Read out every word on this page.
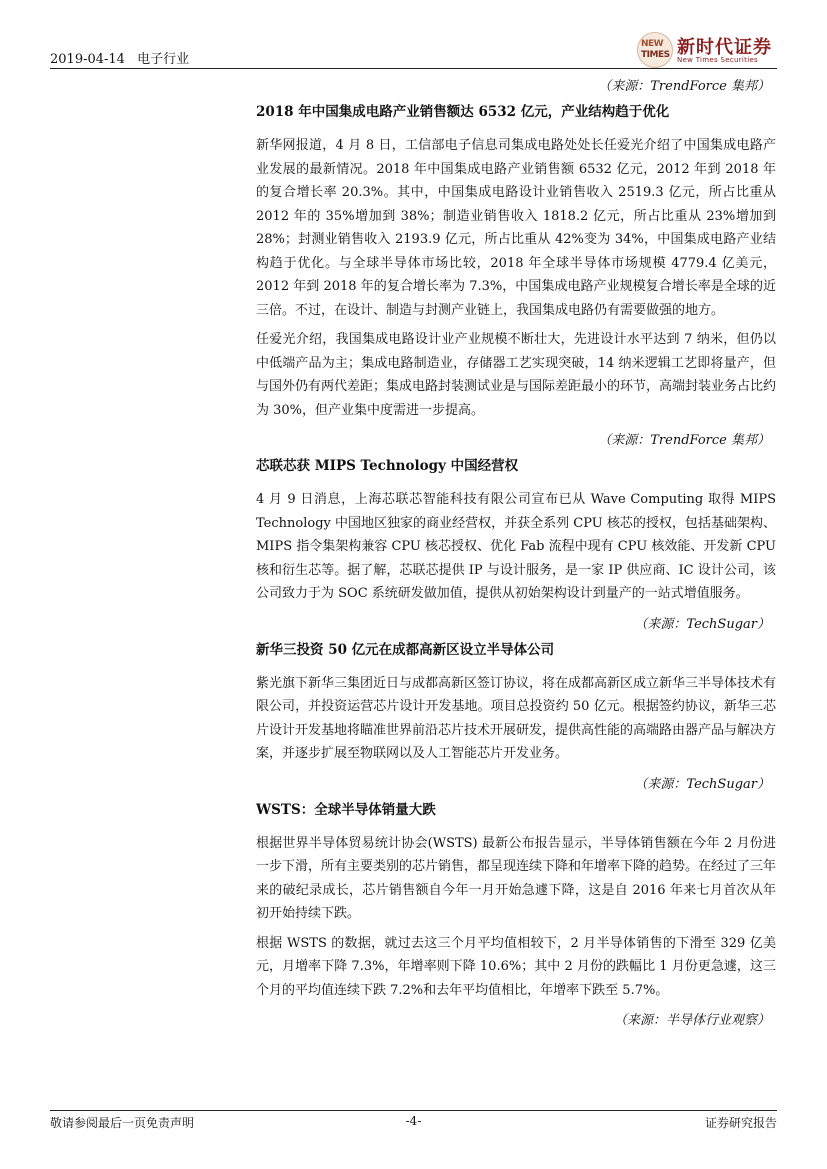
2019-04-14 电子行业
NEW
TIMES 新时代证券
New Times Securities
（来源：TrendForce 集邦）
2018 年中国集成电路产业销售额达 6532 亿元，产业结构趋于优化

新华网报道，4 月 8 日，工信部电子信息司集成电路处处长任爱光介绍了中国集成电路产业发展的最新情况。2018 年中国集成电路产业销售额 6532 亿元，2012 年到 2018 年的复合增长率 20.3%。其中，中国集成电路设计业销售收入 2519.3 亿元，所占比重从 2012 年的 35%增加到 38%；制造业销售收入 1818.2 亿元，所占比重从 23%增加到 28%；封测业销售收入 2193.9 亿元，所占比重从 42%变为 34%，中国集成电路产业结构趋于优化。与全球半导体市场比较，2018 年全球半导体市场规模 4779.4 亿美元，2012 年到 2018 年的复合增长率为 7.3%，中国集成电路产业规模复合增长率是全球的近三倍。不过，在设计、制造与封测产业链上，我国集成电路仍有需要做强的地方。

任爱光介绍，我国集成电路设计业产业规模不断壮大，先进设计水平达到 7 纳米，但仍以中低端产品为主；集成电路制造业，存储器工艺实现突破，14 纳米逻辑工艺即将量产，但与国外仍有两代差距；集成电路封装测试业是与国际差距最小的环节，高端封装业务占比约为 30%，但产业集中度需进一步提高。

（来源：TrendForce 集邦）
芯联芯获 MIPS Technology 中国经营权

4 月 9 日消息，上海芯联芯智能科技有限公司宣布已从 Wave Computing 取得 MIPS Technology 中国地区独家的商业经营权，并获全系列 CPU 核芯的授权，包括基础架构、MIPS 指令集架构兼容 CPU 核芯授权、优化 Fab 流程中现有 CPU 核效能、开发新 CPU 核和衍生芯等。据了解，芯联芯提供 IP 与设计服务，是一家 IP 供应商、IC 设计公司，该公司致力于为 SOC 系统研发做加值，提供从初始架构设计到量产的一站式增值服务。

（来源：TechSugar）
新华三投资 50 亿元在成都高新区设立半导体公司

紫光旗下新华三集团近日与成都高新区签订协议，将在成都高新区成立新华三半导体技术有限公司，并投资运营芯片设计开发基地。项目总投资约 50 亿元。根据签约协议，新华三芯片设计开发基地将瞄准世界前沿芯片技术开展研发，提供高性能的高端路由器产品与解决方案，并逐步扩展至物联网以及人工智能芯片开发业务。

（来源：TechSugar）
WSTS：全球半导体销量大跌

根据世界半导体贸易统计协会(WSTS) 最新公布报告显示，半导体销售额在今年 2 月份进一步下滑，所有主要类别的芯片销售，都呈现连续下降和年增率下降的趋势。在经过了三年来的破纪录成长，芯片销售额自今年一月开始急遽下降，这是自 2016 年来七月首次从年初开始持续下跌。

根据 WSTS 的数据，就过去这三个月平均值相较下，2 月半导体销售的下滑至 329 亿美元，月增率下降 7.3%，年增率则下降 10.6%；其中 2 月份的跌幅比 1 月份更急遽，这三个月的平均值连续下跌 7.2%和去年平均值相比，年增率下跌至 5.7%。

（来源：半导体行业观察）
敬请参阅最后一页免责声明	-4-	证券研究报告
